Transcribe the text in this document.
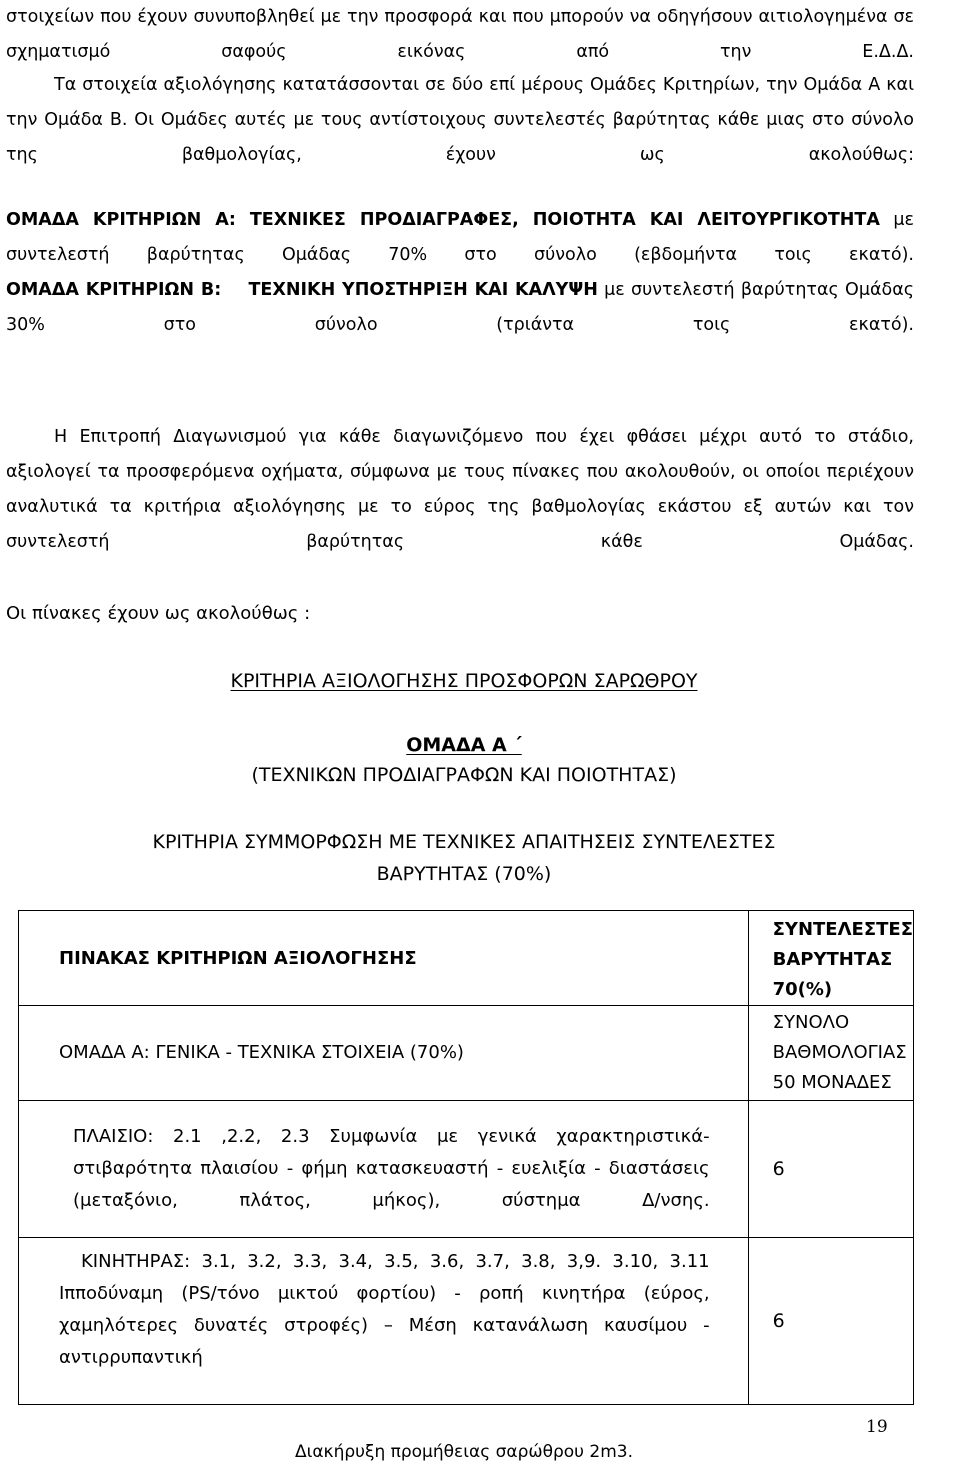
στοιχείων που έχουν συνυποβληθεί με την προσφορά και που μπορούν να οδηγήσουν αιτιολογημένα σε σχηματισμό σαφούς εικόνας από την Ε.Δ.Δ.
Τα στοιχεία αξιολόγησης κατατάσσονται σε δύο επί μέρους Ομάδες Κριτηρίων, την Ομάδα Α και την Ομάδα Β. Οι Ομάδες αυτές με τους αντίστοιχους συντελεστές βαρύτητας κάθε μιας στο σύνολο της βαθμολογίας, έχουν ως ακολούθως:
ΟΜΑΔΑ ΚΡΙΤΗΡΙΩΝ Α: ΤΕΧΝΙΚΕΣ ΠΡΟΔΙΑΓΡΑΦΕΣ, ΠΟΙΟΤΗΤΑ ΚΑΙ ΛΕΙΤΟΥΡΓΙΚΟΤΗΤΑ με συντελεστή βαρύτητας Ομάδας 70% στο σύνολο (εβδομήντα τοις εκατό).
ΟΜΑΔΑ ΚΡΙΤΗΡΙΩΝ Β:    ΤΕΧΝΙΚΗ ΥΠΟΣΤΗΡΙΞΗ ΚΑΙ ΚΑΛΥΨΗ με συντελεστή βαρύτητας Ομάδας 30% στο σύνολο (τριάντα τοις εκατό).
Η Επιτροπή Διαγωνισμού για κάθε διαγωνιζόμενο που έχει φθάσει μέχρι αυτό το στάδιο, αξιολογεί τα προσφερόμενα οχήματα, σύμφωνα με τους πίνακες που ακολουθούν, οι οποίοι περιέχουν αναλυτικά τα κριτήρια αξιολόγησης με το εύρος της βαθμολογίας εκάστου εξ αυτών και τον συντελεστή βαρύτητας κάθε Ομάδας.
Οι πίνακες έχουν ως ακολούθως :
ΚΡΙΤΗΡΙΑ ΑΞΙΟΛΟΓΗΣΗΣ ΠΡΟΣΦΟΡΩΝ ΣΑΡΩΘΡΟΥ
ΟΜΑΔΑ Α ΄
(ΤΕΧΝΙΚΩΝ ΠΡΟΔΙΑΓΡΑΦΩΝ ΚΑΙ ΠΟΙΟΤΗΤΑΣ)
ΚΡΙΤΗΡΙΑ ΣΥΜΜΟΡΦΩΣΗ ΜΕ ΤΕΧΝΙΚΕΣ ΑΠΑΙΤΗΣΕΙΣ ΣΥΝΤΕΛΕΣΤΕΣ
ΒΑΡΥΤΗΤΑΣ (70%)
ΠΙΝΑΚΑΣ ΚΡΙΤΗΡΙΩΝ ΑΞΙΟΛΟΓΗΣΗΣ	ΣΥΝΤΕΛΕΣΤΕΣ
ΒΑΡΥΤΗΤΑΣ
70(%)

ΟΜΑΔΑ Α: ΓΕΝΙΚΑ - ΤΕΧΝΙΚΑ ΣΤΟΙΧΕΙΑ (70%)	ΣΥΝΟΛΟ
ΒΑΘΜΟΛΟΓΙΑΣ
50 ΜΟΝΑΔΕΣ

ΠΛΑΙΣΙΟ: 2.1 ,2.2, 2.3 Συμφωνία με γενικά χαρακτηριστικά- στιβαρότητα πλαισίου - φήμη κατασκευαστή - ευελιξία - διαστάσεις (μεταξόνιο, πλάτος, μήκος), σύστημα Δ/νσης.	6

ΚΙΝΗΤΗΡΑΣ: 3.1, 3.2, 3.3, 3.4, 3.5, 3.6, 3.7, 3.8, 3,9. 3.10, 3.11
Ιπποδύναμη (PS/τόνο μικτού φορτίου) - ροπή κινητήρα (εύρος, χαμηλότερες δυνατές στροφές) – Μέση κατανάλωση καυσίμου - αντιρρυπαντική	6
19
Διακήρυξη προμήθειας σαρώθρου 2m3.
